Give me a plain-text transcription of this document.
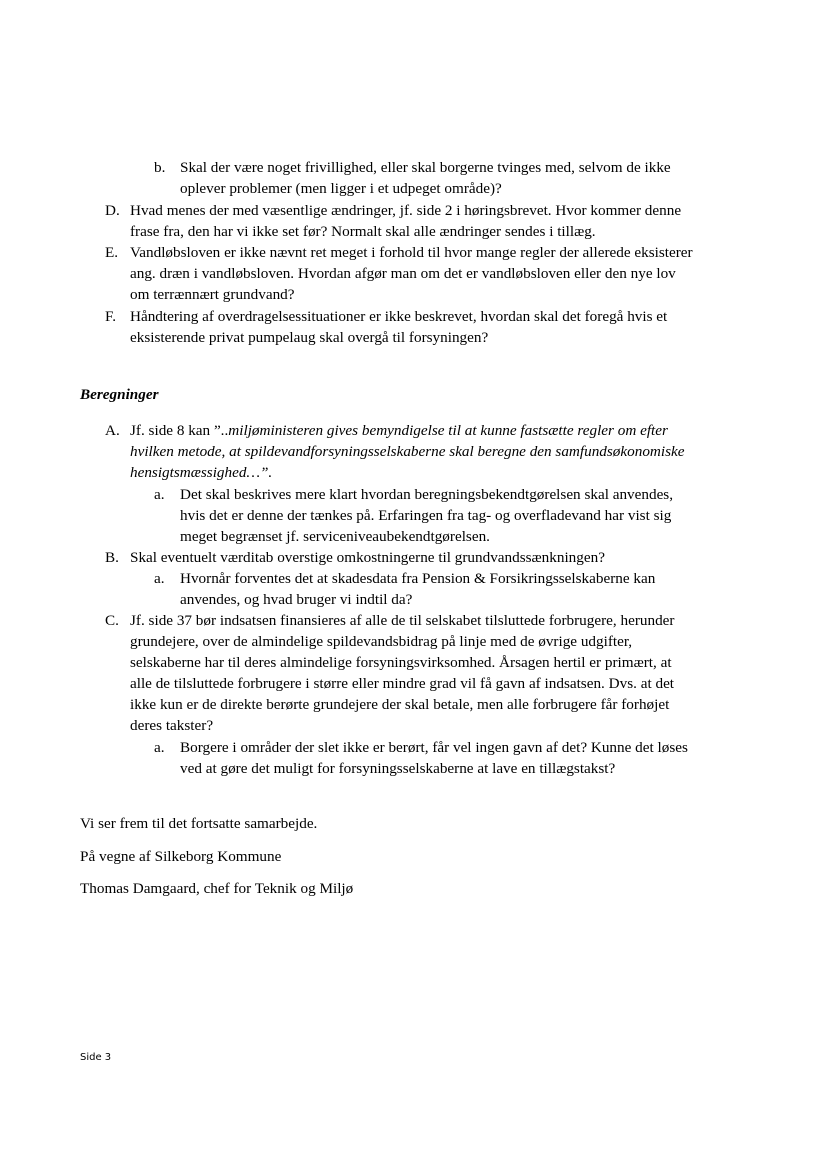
b. Skal der være noget frivillighed, eller skal borgerne tvinges med, selvom de ikke
oplever problemer (men ligger i et udpeget område)?
D. Hvad menes der med væsentlige ændringer, jf. side 2 i høringsbrevet. Hvor kommer denne
frase fra, den har vi ikke set før? Normalt skal alle ændringer sendes i tillæg.
E. Vandløbsloven er ikke nævnt ret meget i forhold til hvor mange regler der allerede eksisterer
ang. dræn i vandløbsloven. Hvordan afgør man om det er vandløbsloven eller den nye lov
om terrænnært grundvand?
F. Håndtering af overdragelsessituationer er ikke beskrevet, hvordan skal det foregå hvis et
eksisterende privat pumpelaug skal overgå til forsyningen?
Beregninger
A. Jf. side 8 kan ”..miljøministeren gives bemyndigelse til at kunne fastsætte regler om efter
hvilken metode, at spildevandforsyningsselskaberne skal beregne den samfundsøkonomiske
hensigtsmæssighed…”.
a. Det skal beskrives mere klart hvordan beregningsbekendtgørelsen skal anvendes,
hvis det er denne der tænkes på. Erfaringen fra tag- og overfladevand har vist sig
meget begrænset jf. serviceniveaubekendtgørelsen.
B. Skal eventuelt værditab overstige omkostningerne til grundvandssænkningen?
a. Hvornår forventes det at skadesdata fra Pension & Forsikringsselskaberne kan
anvendes, og hvad bruger vi indtil da?
C. Jf. side 37 bør indsatsen finansieres af alle de til selskabet tilsluttede forbrugere, herunder
grundejere, over de almindelige spildevandsbidrag på linje med de øvrige udgifter,
selskaberne har til deres almindelige forsyningsvirksomhed. Årsagen hertil er primært, at
alle de tilsluttede forbrugere i større eller mindre grad vil få gavn af indsatsen. Dvs. at det
ikke kun er de direkte berørte grundejere der skal betale, men alle forbrugere får forhøjet
deres takster?
a. Borgere i områder der slet ikke er berørt, får vel ingen gavn af det? Kunne det løses
ved at gøre det muligt for forsyningsselskaberne at lave en tillægstakst?
Vi ser frem til det fortsatte samarbejde.
På vegne af Silkeborg Kommune
Thomas Damgaard, chef for Teknik og Miljø
Side 3
